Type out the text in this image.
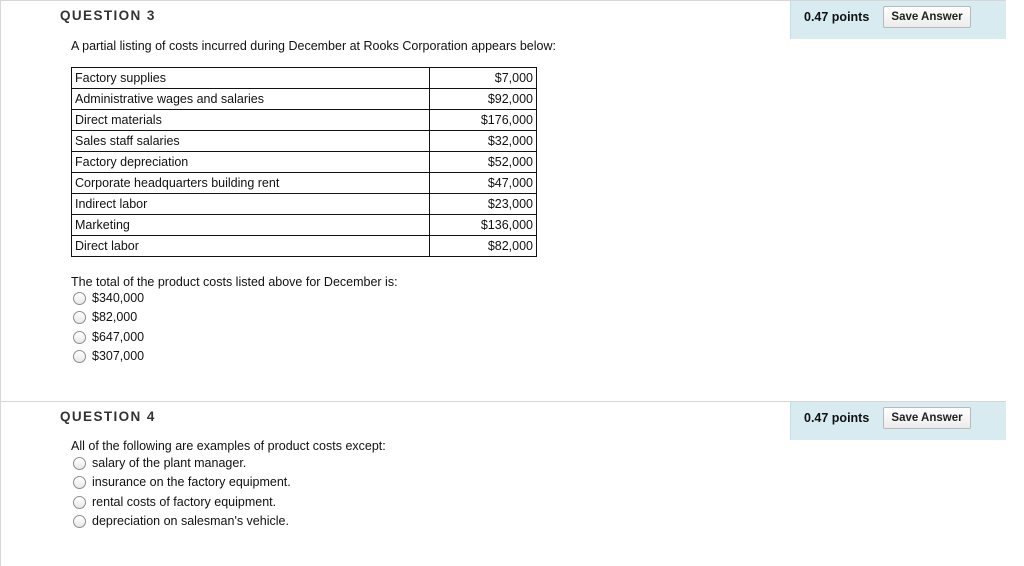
QUESTION 3	0.47 points	Save Answer
A partial listing of costs incurred during December at Rooks Corporation appears below:
Factory supplies	$7,000
Administrative wages and salaries	$92,000
Direct materials	$176,000
Sales staff salaries	$32,000
Factory depreciation	$52,000
Corporate headquarters building rent	$47,000
Indirect labor	$23,000
Marketing	$136,000
Direct labor	$82,000
The total of the product costs listed above for December is:
$340,000
$82,000
$647,000
$307,000
QUESTION 4	0.47 points	Save Answer
All of the following are examples of product costs except:
salary of the plant manager.
insurance on the factory equipment.
rental costs of factory equipment.
depreciation on salesman's vehicle.
